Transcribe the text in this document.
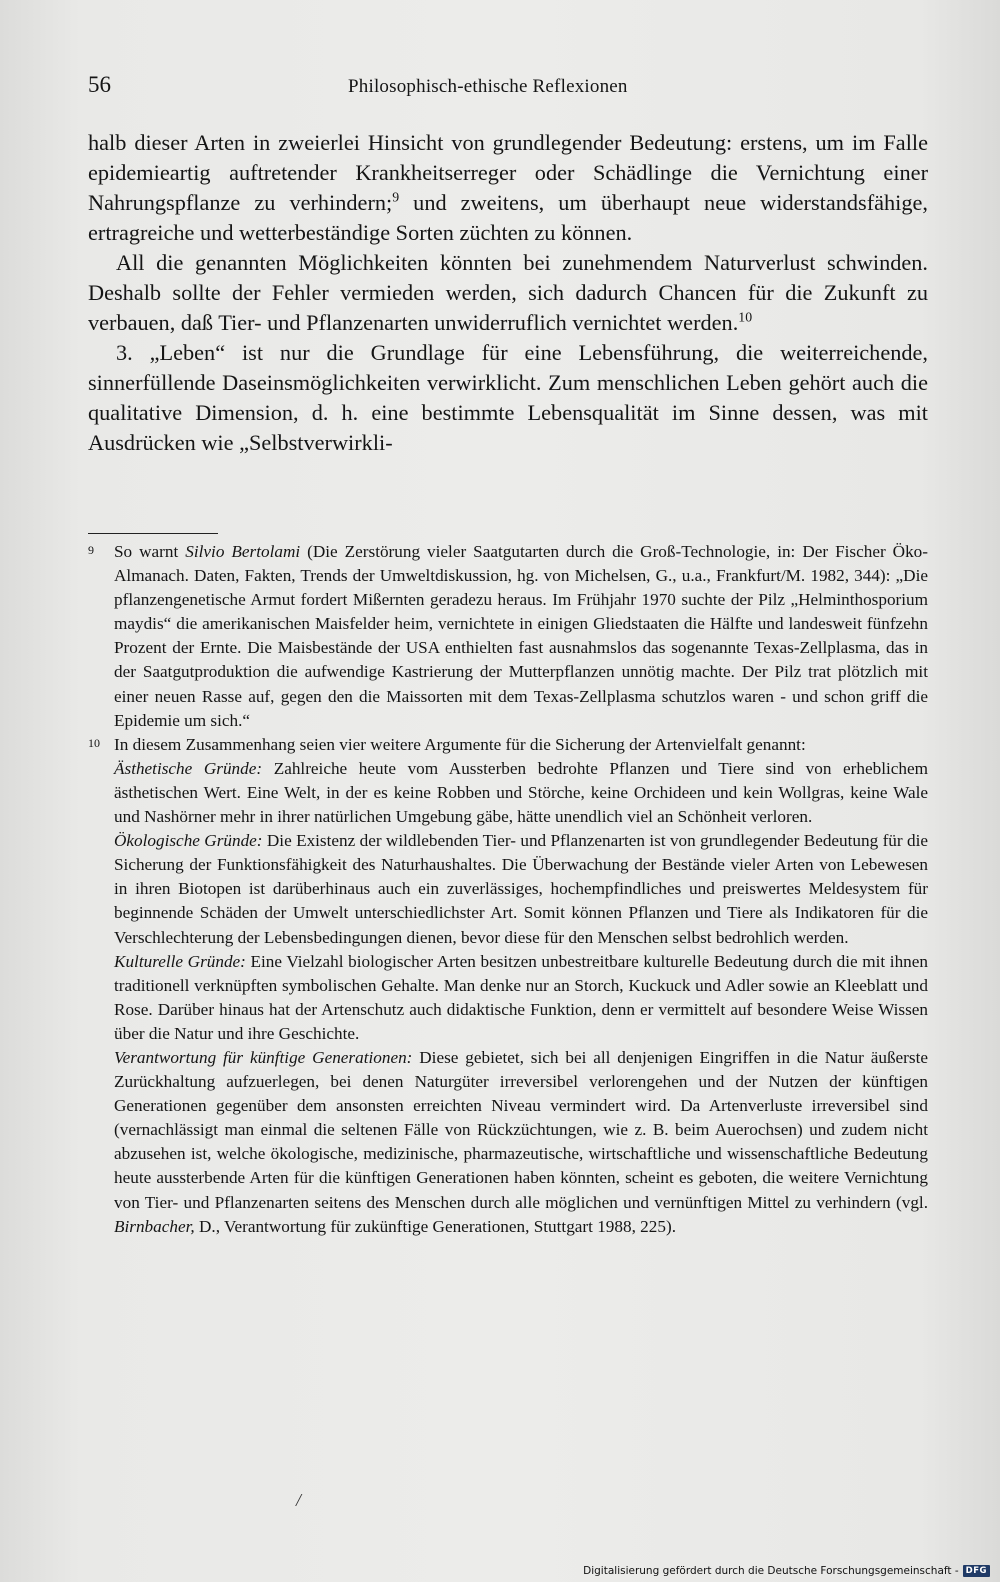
56	Philosophisch-ethische Reflexionen

halb dieser Arten in zweierlei Hinsicht von grundlegender Bedeutung: erstens, um im Falle epidemieartig auftretender Krankheitserreger oder Schädlinge die Vernichtung einer Nahrungspflanze zu verhindern;$^9$ und zweitens, um überhaupt neue widerstandsfähige, ertragreiche und wetterbeständige Sorten züchten zu können.

All die genannten Möglichkeiten könnten bei zunehmendem Naturverlust schwinden. Deshalb sollte der Fehler vermieden werden, sich dadurch Chancen für die Zukunft zu verbauen, daß Tier- und Pflanzenarten unwiderruflich vernichtet werden.$^{10}$

3. „Leben“ ist nur die Grundlage für eine Lebensführung, die weiterreichende, sinnerfüllende Daseinsmöglichkeiten verwirklicht. Zum menschlichen Leben gehört auch die qualitative Dimension, d. h. eine bestimmte Lebensqualität im Sinne dessen, was mit Ausdrücken wie „Selbstverwirkli-

9	So warnt Silvio Bertolami (Die Zerstörung vieler Saatgutarten durch die Groß-Technologie, in: Der Fischer Öko-Almanach. Daten, Fakten, Trends der Umweltdiskussion, hg. von Michelsen, G., u.a., Frankfurt/M. 1982, 344): „Die pflanzengenetische Armut fordert Mißernten geradezu heraus. Im Frühjahr 1970 suchte der Pilz „Helminthosporium maydis“ die amerikanischen Maisfelder heim, vernichtete in einigen Gliedstaaten die Hälfte und landesweit fünfzehn Prozent der Ernte. Die Maisbestände der USA enthielten fast ausnahmslos das sogenannte Texas-Zellplasma, das in der Saatgutproduktion die aufwendige Kastrierung der Mutterpflanzen unnötig machte. Der Pilz trat plötzlich mit einer neuen Rasse auf, gegen den die Maissorten mit dem Texas-Zellplasma schutzlos waren - und schon griff die Epidemie um sich.“

10 In diesem Zusammenhang seien vier weitere Argumente für die Sicherung der Artenvielfalt genannt:

Ästhetische Gründe: Zahlreiche heute vom Aussterben bedrohte Pflanzen und Tiere sind von erheblichem ästhetischen Wert. Eine Welt, in der es keine Robben und Störche, keine Orchideen und kein Wollgras, keine Wale und Nashörner mehr in ihrer natürlichen Umgebung gäbe, hätte unendlich viel an Schönheit verloren.

Ökologische Gründe: Die Existenz der wildlebenden Tier- und Pflanzenarten ist von grundlegender Bedeutung für die Sicherung der Funktionsfähigkeit des Naturhaushaltes. Die Überwachung der Bestände vieler Arten von Lebewesen in ihren Biotopen ist darüberhinaus auch ein zuverlässiges, hochempfindliches und preiswertes Meldesystem für beginnende Schäden der Umwelt unterschiedlichster Art. Somit können Pflanzen und Tiere als Indikatoren für die Verschlechterung der Lebensbedingungen dienen, bevor diese für den Menschen selbst bedrohlich werden.

Kulturelle Gründe: Eine Vielzahl biologischer Arten besitzen unbestreitbare kulturelle Bedeutung durch die mit ihnen traditionell verknüpften symbolischen Gehalte. Man denke nur an Storch, Kuckuck und Adler sowie an Kleeblatt und Rose. Darüber hinaus hat der Artenschutz auch didaktische Funktion, denn er vermittelt auf besondere Weise Wissen über die Natur und ihre Geschichte.

Verantwortung für künftige Generationen: Diese gebietet, sich bei all denjenigen Eingriffen in die Natur äußerste Zurückhaltung aufzuerlegen, bei denen Naturgüter irreversibel verlorengehen und der Nutzen der künftigen Generationen gegenüber dem ansonsten erreichten Niveau vermindert wird. Da Artenverluste irreversibel sind (vernachlässigt man einmal die seltenen Fälle von Rückzüchtungen, wie z. B. beim Auerochsen) und zudem nicht abzusehen ist, welche ökologische, medizinische, pharmazeutische, wirtschaftliche und wissenschaftliche Bedeutung heute aussterbende Arten für die künftigen Generationen haben könnten, scheint es geboten, die weitere Vernichtung von Tier- und Pflanzenarten seitens des Menschen durch alle möglichen und vernünftigen Mittel zu verhindern (vgl. Birnbacher, D., Verantwortung für zukünftige Generationen, Stuttgart 1988, 225).

/
Digitalisierung gefördert durch die Deutsche Forschungsgemeinschaft - DFG
